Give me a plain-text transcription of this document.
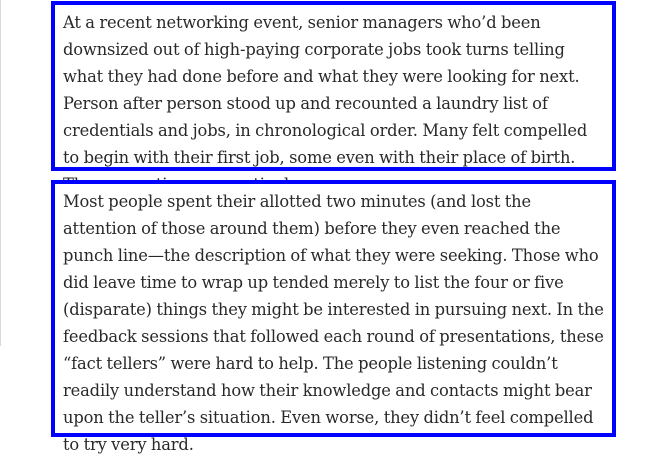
At a recent networking event, senior managers who’d been downsized out of high-paying corporate jobs took turns telling what they had done before and what they were looking for next. Person after person stood up and recounted a laundry list of credentials and jobs, in chronological order. Many felt compelled to begin with their first job, some even with their place of birth.

Most people spent their allotted two minutes (and lost the attention of those around them) before they even reached the punch line—the description of what they were seeking. Those who did leave time to wrap up tended merely to list the four or five (disparate) things they might be interested in pursuing next. In the feedback sessions that followed each round of presentations, these “fact tellers” were hard to help. The people listening couldn’t readily understand how their knowledge and contacts might bear upon the teller’s situation. Even worse, they didn’t feel compelled to try very hard.
